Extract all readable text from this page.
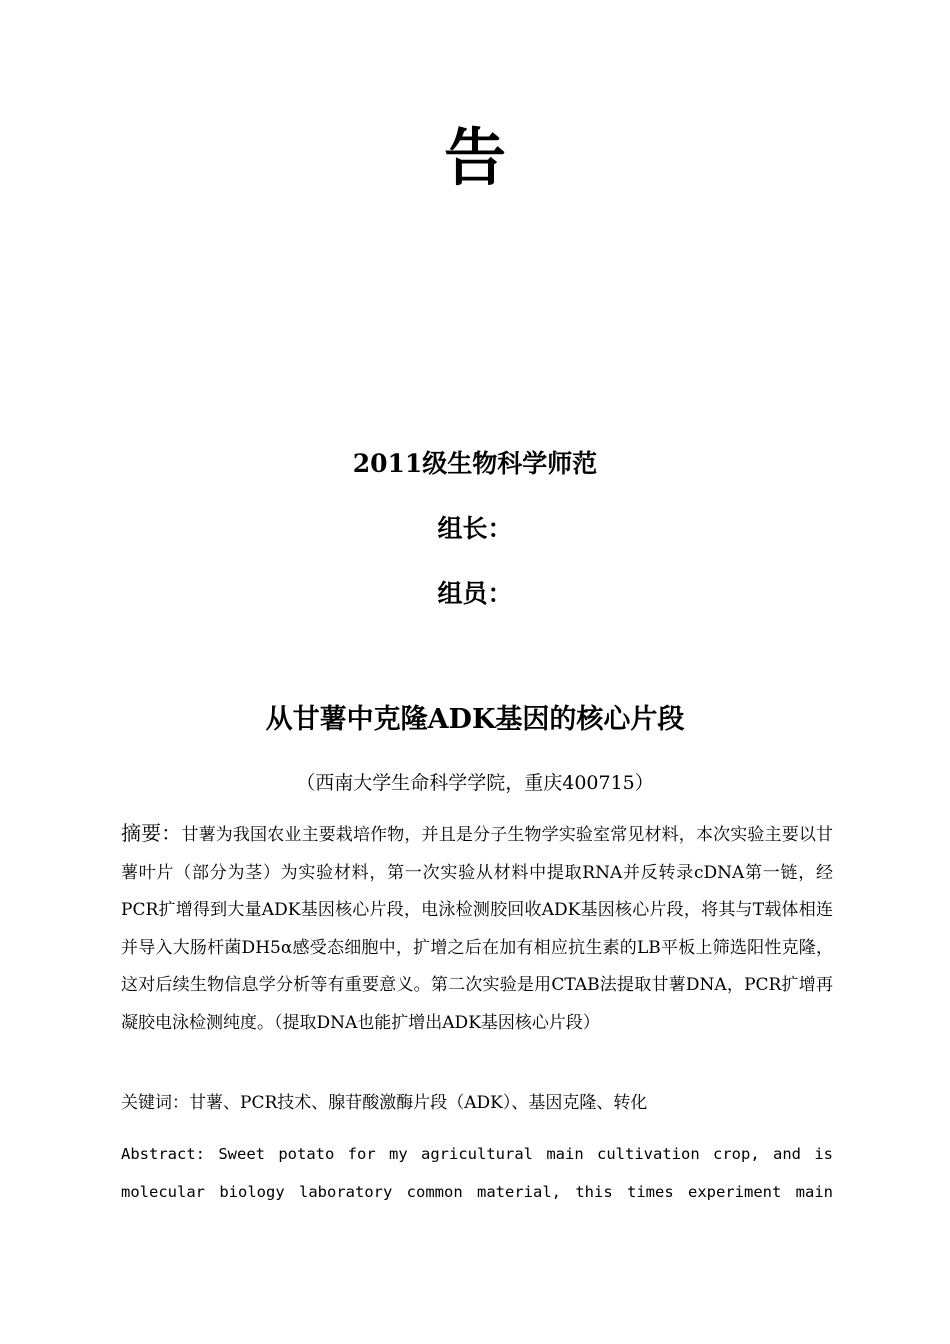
告
2011级生物科学师范
组长：
组员：
从甘薯中克隆ADK基因的核心片段
（西南大学生命科学学院，重庆400715）
摘要：甘薯为我国农业主要栽培作物，并且是分子生物学实验室常见材料，本次实验主要以甘薯叶片（部分为茎）为实验材料，第一次实验从材料中提取RNA并反转录cDNA第一链，经PCR扩增得到大量ADK基因核心片段，电泳检测胶回收ADK基因核心片段，将其与T载体相连并导入大肠杆菌DH5α感受态细胞中，扩增之后在加有相应抗生素的LB平板上筛选阳性克隆，这对后续生物信息学分析等有重要意义。第二次实验是用CTAB法提取甘薯DNA，PCR扩增再凝胶电泳检测纯度。（提取DNA也能扩增出ADK基因核心片段）
关键词：甘薯、PCR技术、腺苷酸激酶片段（ADK）、基因克隆、转化
Abstract: Sweet potato for my agricultural main cultivation crop, and is molecular biology laboratory common material, this times experiment main
